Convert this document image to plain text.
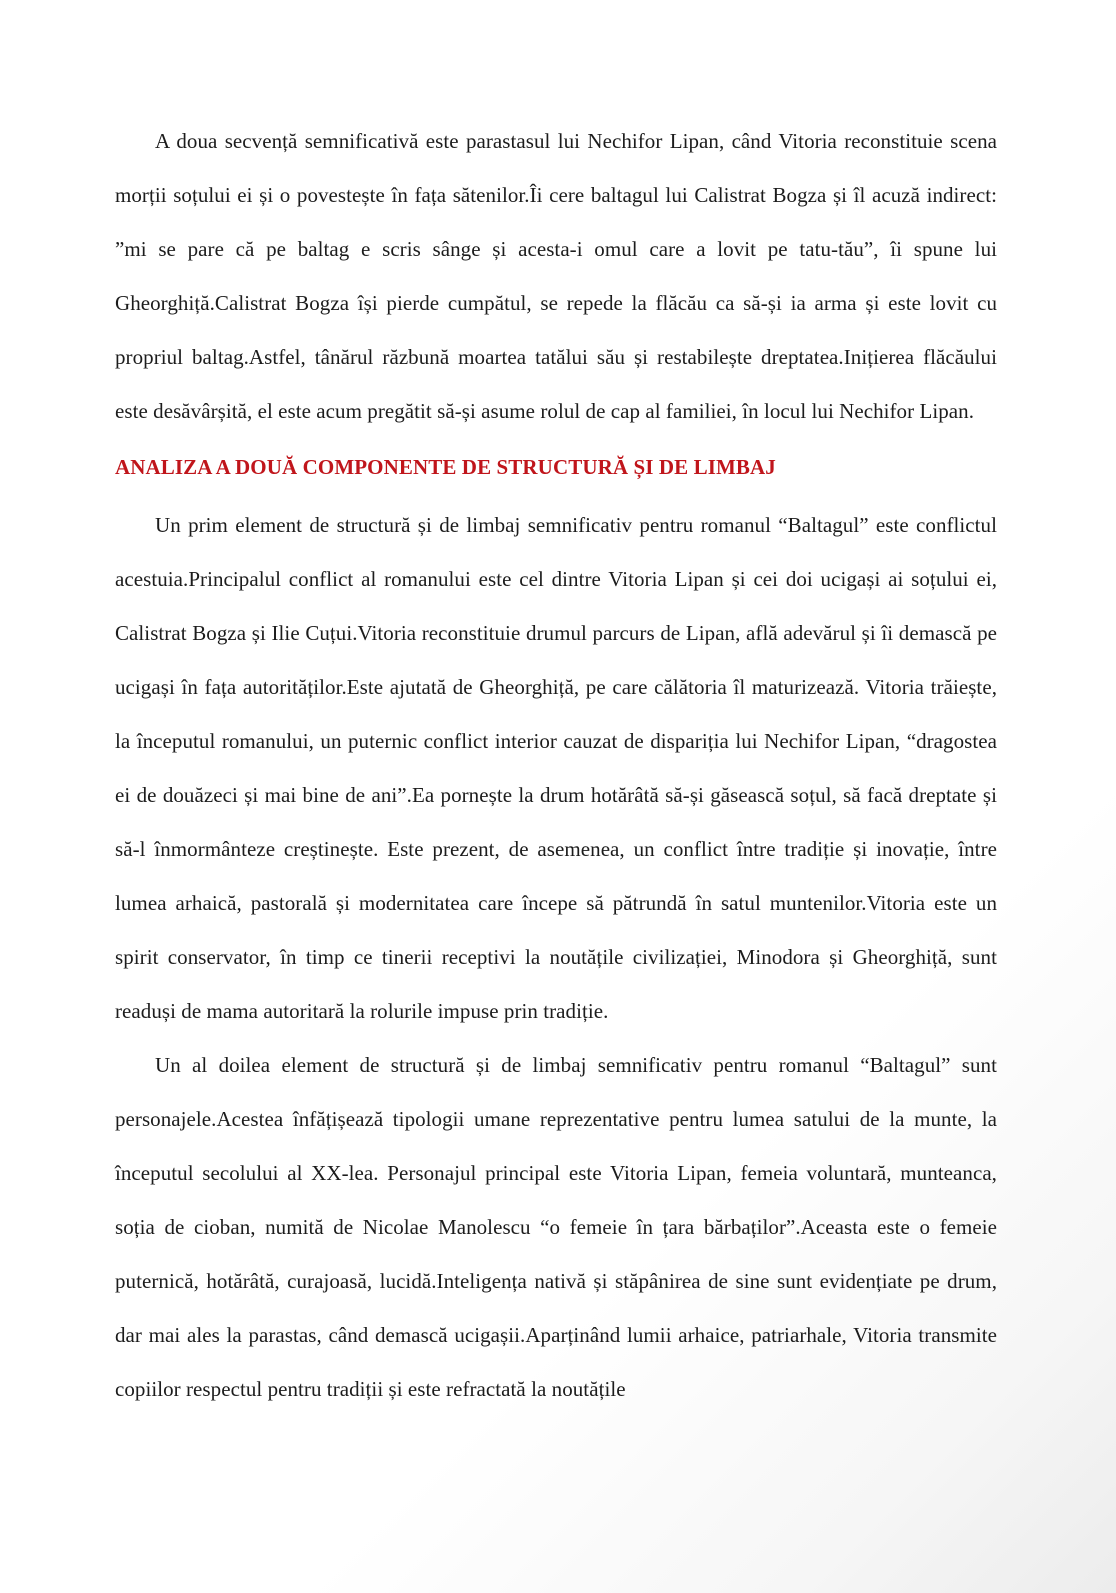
A doua secvență semnificativă este parastasul lui Nechifor Lipan, când Vitoria reconstituie scena morții soțului ei și o povestește în fața sătenilor.Îi cere baltagul lui Calistrat Bogza și îl acuză indirect: ”mi se pare că pe baltag e scris sânge și acesta-i omul care a lovit pe tatu-tău”, îi spune lui Gheorghiță.Calistrat Bogza își pierde cumpătul, se repede la flăcău ca să-și ia arma și este lovit cu propriul baltag.Astfel, tânărul răzbună moartea tatălui său și restabilește dreptatea.Inițierea flăcăului este desăvârșită, el este acum pregătit să-și asume rolul de cap al familiei, în locul lui Nechifor Lipan.

ANALIZA A DOUĂ COMPONENTE DE STRUCTURĂ ȘI DE LIMBAJ

Un prim element de structură și de limbaj semnificativ pentru romanul “Baltagul” este conflictul acestuia.Principalul conflict al romanului este cel dintre Vitoria Lipan și cei doi ucigași ai soțului ei, Calistrat Bogza și Ilie Cuțui.Vitoria reconstituie drumul parcurs de Lipan, află adevărul și îi demască pe ucigași în fața autorităților.Este ajutată de Gheorghiță, pe care călătoria îl maturizează. Vitoria trăiește, la începutul romanului, un puternic conflict interior cauzat de dispariția lui Nechifor Lipan, “dragostea ei de douăzeci și mai bine de ani”.Ea pornește la drum hotărâtă să-și găsească soțul, să facă dreptate și să-l înmormânteze creștinește. Este prezent, de asemenea, un conflict între tradiție și inovație, între lumea arhaică, pastorală și modernitatea care începe să pătrundă în satul muntenilor.Vitoria este un spirit conservator, în timp ce tinerii receptivi la noutățile civilizației, Minodora și Gheorghiță, sunt readuși de mama autoritară la rolurile impuse prin tradiție.

Un al doilea element de structură și de limbaj semnificativ pentru romanul “Baltagul” sunt personajele.Acestea înfățișează tipologii umane reprezentative pentru lumea satului de la munte, la începutul secolului al XX-lea. Personajul principal este Vitoria Lipan, femeia voluntară, munteanca, soția de cioban, numită de Nicolae Manolescu “o femeie în țara bărbaților”.Aceasta este o femeie puternică, hotărâtă, curajoasă, lucidă.Inteligența nativă și stăpânirea de sine sunt evidențiate pe drum, dar mai ales la parastas, când demască ucigașii.Aparținând lumii arhaice, patriarhale, Vitoria transmite copiilor respectul pentru tradiții și este refractată la noutățile
